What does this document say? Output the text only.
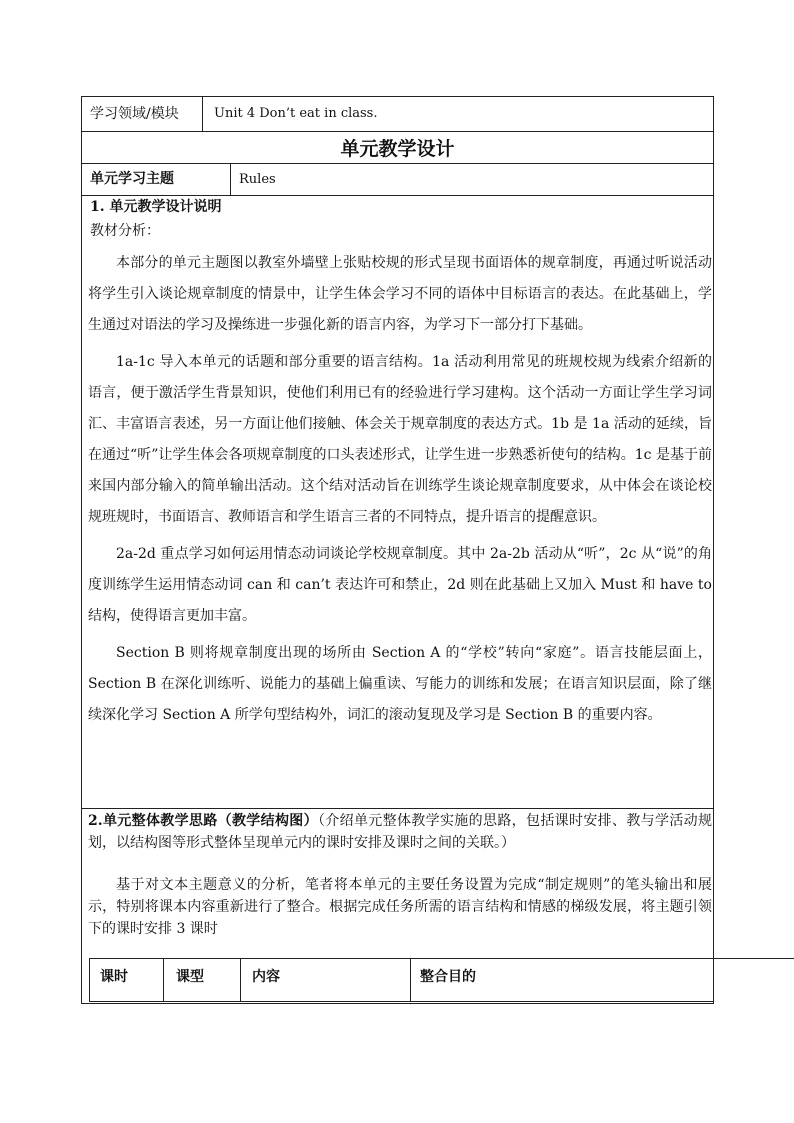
学习领域/模块	Unit 4 Don’t eat in class.
单元教学设计
单元学习主题	Rules
1. 单元教学设计说明
教材分析：

本部分的单元主题图以教室外墙壁上张贴校规的形式呈现书面语体的规章制度，再通过听说活动将学生引入谈论规章制度的情景中，让学生体会学习不同的语体中目标语言的表达。在此基础上，学生通过对语法的学习及操练进一步强化新的语言内容，为学习下一部分打下基础。

1a-1c 导入本单元的话题和部分重要的语言结构。1a 活动利用常见的班规校规为线索介绍新的语言，便于激活学生背景知识，使他们利用已有的经验进行学习建构。这个活动一方面让学生学习词汇、丰富语言表述，另一方面让他们接触、体会关于规章制度的表达方式。1b 是 1a 活动的延续，旨在通过“听”让学生体会各项规章制度的口头表述形式，让学生进一步熟悉祈使句的结构。1c 是基于前来国内部分输入的简单输出活动。这个结对活动旨在训练学生谈论规章制度要求，从中体会在谈论校规班规时，书面语言、教师语言和学生语言三者的不同特点，提升语言的提醒意识。

2a-2d 重点学习如何运用情态动词谈论学校规章制度。其中 2a-2b 活动从“听”，2c 从“说”的角度训练学生运用情态动词 can 和 can’t 表达许可和禁止，2d 则在此基础上又加入 Must 和 have to 结构，使得语言更加丰富。

Section B 则将规章制度出现的场所由 Section A 的“学校”转向“家庭”。语言技能层面上，Section B 在深化训练听、说能力的基础上偏重读、写能力的训练和发展；在语言知识层面，除了继续深化学习 Section A 所学句型结构外，词汇的滚动复现及学习是 Section B 的重要内容。

2.单元整体教学思路（教学结构图）（介绍单元整体教学实施的思路，包括课时安排、教与学活动规划，以结构图等形式整体呈现单元内的课时安排及课时之间的关联。）

基于对文本主题意义的分析，笔者将本单元的主要任务设置为完成“制定规则”的笔头输出和展示，特别将课本内容重新进行了整合。根据完成任务所需的语言结构和情感的梯级发展，将主题引领下的课时安排 3 课时

课时	课型	内容	整合目的
